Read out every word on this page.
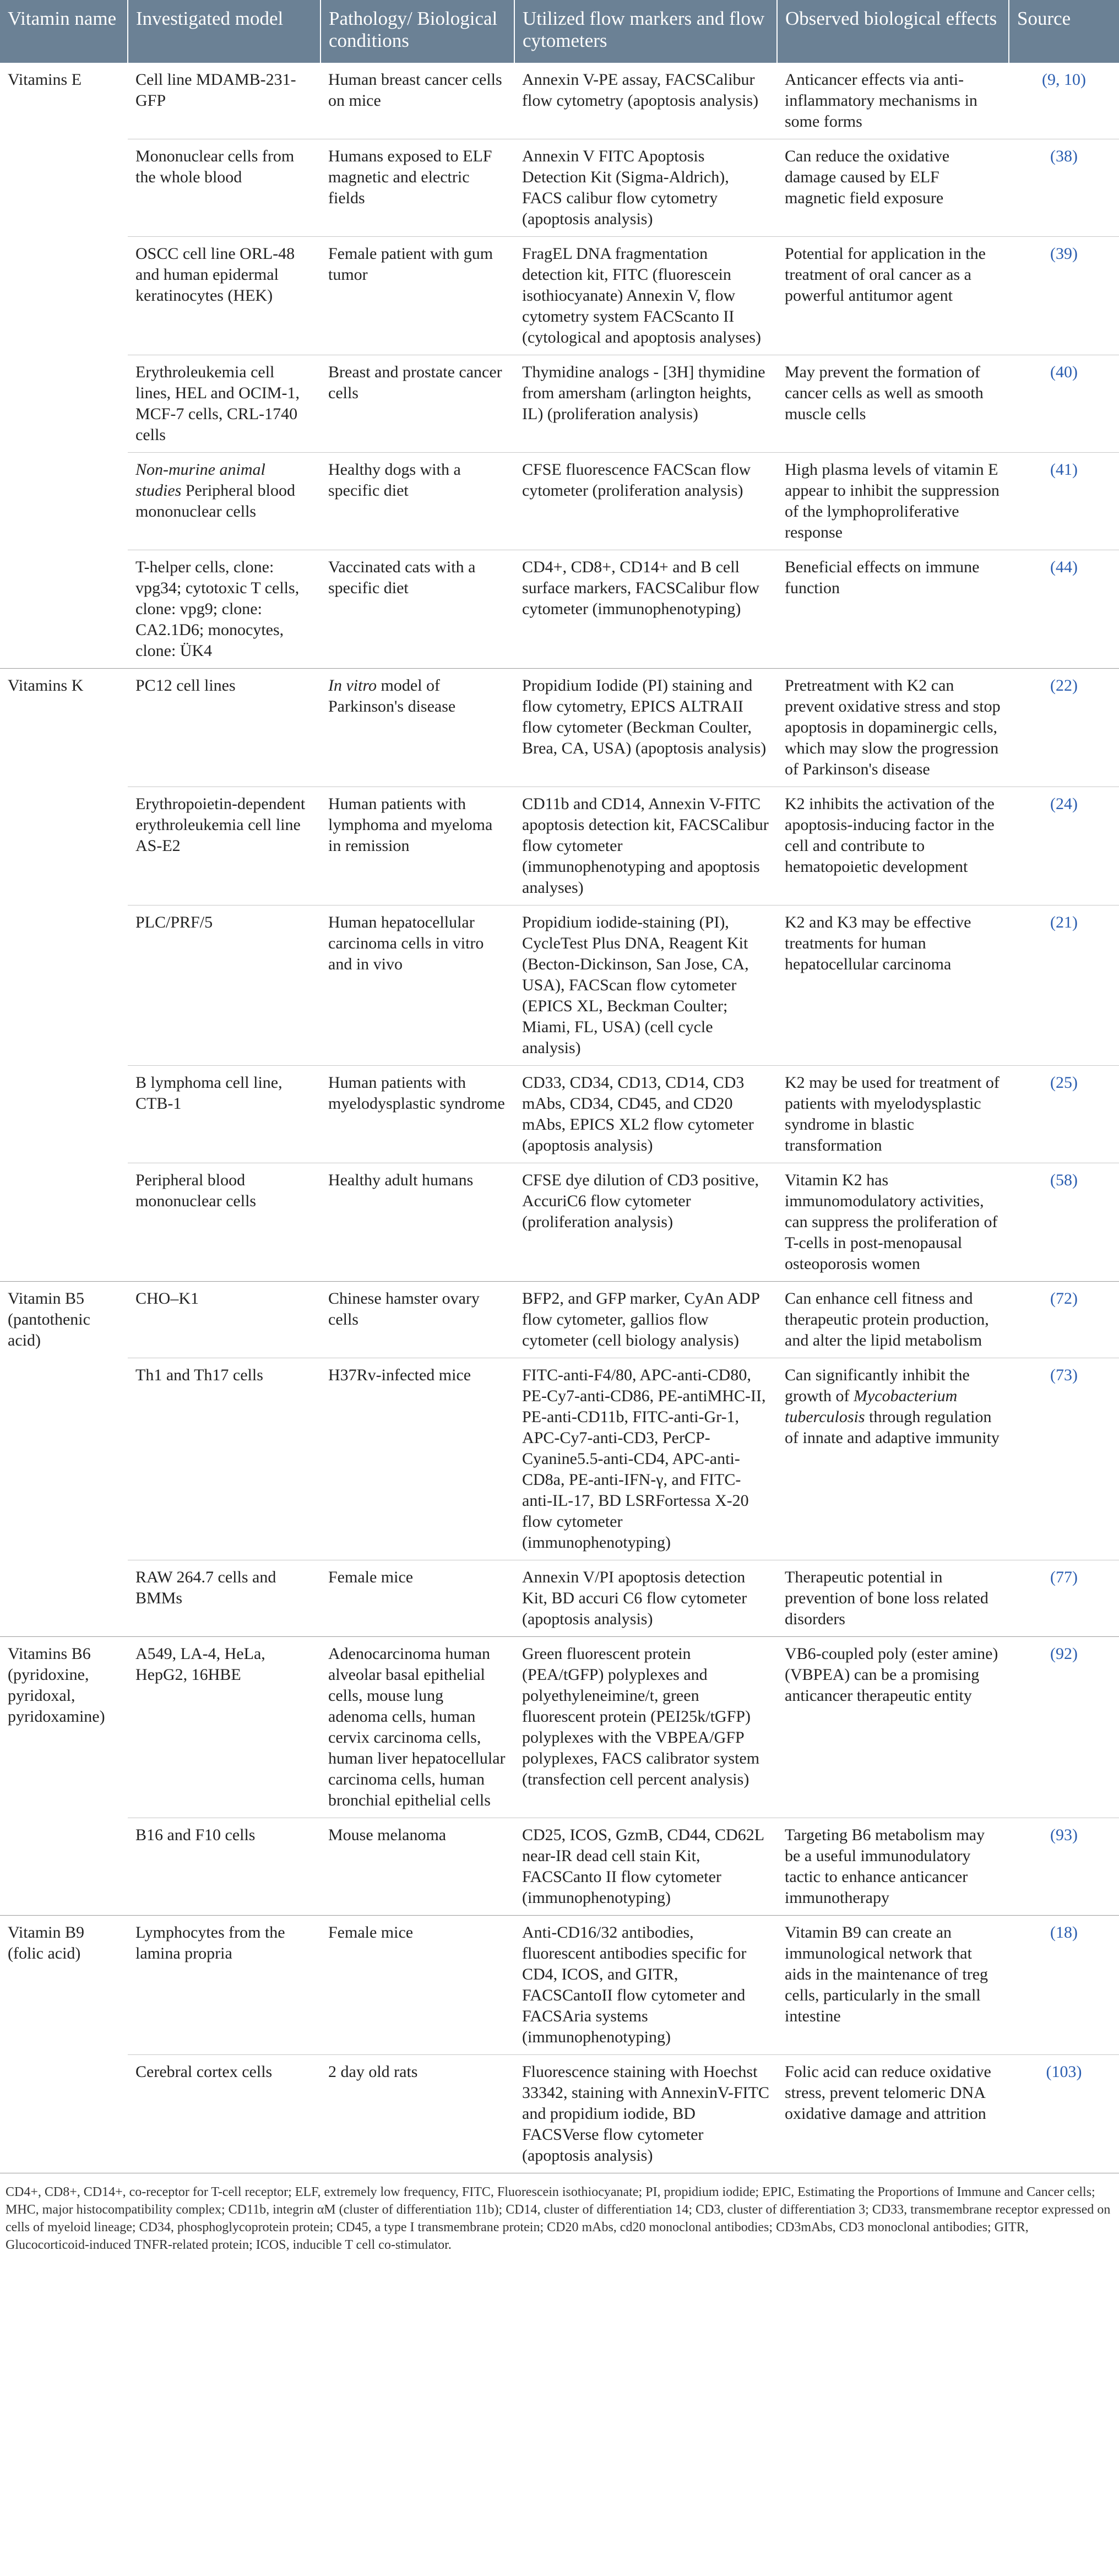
Vitamin name	Investigated model	Pathology/ Biological conditions	Utilized flow markers and flow cytometers	Observed biological effects	Source
Vitamins E	Cell line MDAMB-231-GFP	Human breast cancer cells on mice	Annexin V-PE assay, FACSCalibur flow cytometry (apoptosis analysis)	Anticancer effects via anti-inflammatory mechanisms in some forms	(9, 10)
	Mononuclear cells from the whole blood	Humans exposed to ELF magnetic and electric fields	Annexin V FITC Apoptosis Detection Kit (Sigma-Aldrich), FACS calibur flow cytometry (apoptosis analysis)	Can reduce the oxidative damage caused by ELF magnetic field exposure	(38)
	OSCC cell line ORL-48 and human epidermal keratinocytes (HEK)	Female patient with gum tumor	FragEL DNA fragmentation detection kit, FITC (fluorescein isothiocyanate) Annexin V, flow cytometry system FACScanto II (cytological and apoptosis analyses)	Potential for application in the treatment of oral cancer as a powerful antitumor agent	(39)
	Erythroleukemia cell lines, HEL and OCIM-1, MCF-7 cells, CRL-1740 cells	Breast and prostate cancer cells	Thymidine analogs - [3H] thymidine from amersham (arlington heights, IL) (proliferation analysis)	May prevent the formation of cancer cells as well as smooth muscle cells	(40)
	Non-murine animal studies Peripheral blood mononuclear cells	Healthy dogs with a specific diet	CFSE fluorescence FACScan flow cytometer (proliferation analysis)	High plasma levels of vitamin E appear to inhibit the suppression of the lymphoproliferative response	(41)
	T-helper cells, clone: vpg34; cytotoxic T cells, clone: vpg9; clone: CA2.1D6; monocytes, clone: ÜK4	Vaccinated cats with a specific diet	CD4+, CD8+, CD14+ and B cell surface markers, FACSCalibur flow cytometer (immunophenotyping)	Beneficial effects on immune function	(44)
Vitamins K	PC12 cell lines	In vitro model of Parkinson's disease	Propidium Iodide (PI) staining and flow cytometry, EPICS ALTRAII flow cytometer (Beckman Coulter, Brea, CA, USA) (apoptosis analysis)	Pretreatment with K2 can prevent oxidative stress and stop apoptosis in dopaminergic cells, which may slow the progression of Parkinson's disease	(22)
	Erythropoietin-dependent erythroleukemia cell line AS-E2	Human patients with lymphoma and myeloma in remission	CD11b and CD14, Annexin V-FITC apoptosis detection kit, FACSCalibur flow cytometer (immunophenotyping and apoptosis analyses)	K2 inhibits the activation of the apoptosis-inducing factor in the cell and contribute to hematopoietic development	(24)
	PLC/PRF/5	Human hepatocellular carcinoma cells in vitro and in vivo	Propidium iodide-staining (PI), CycleTest Plus DNA, Reagent Kit (Becton-Dickinson, San Jose, CA, USA), FACScan flow cytometer (EPICS XL, Beckman Coulter; Miami, FL, USA) (cell cycle analysis)	K2 and K3 may be effective treatments for human hepatocellular carcinoma	(21)
	B lymphoma cell line, CTB-1	Human patients with myelodysplastic syndrome	CD33, CD34, CD13, CD14, CD3 mAbs, CD34, CD45, and CD20 mAbs, EPICS XL2 flow cytometer (apoptosis analysis)	K2 may be used for treatment of patients with myelodysplastic syndrome in blastic transformation	(25)
	Peripheral blood mononuclear cells	Healthy adult humans	CFSE dye dilution of CD3 positive, AccuriC6 flow cytometer (proliferation analysis)	Vitamin K2 has immunomodulatory activities, can suppress the proliferation of T-cells in post-menopausal osteoporosis women	(58)
Vitamin B5 (pantothenic acid)	CHO–K1	Chinese hamster ovary cells	BFP2, and GFP marker, CyAn ADP flow cytometer, gallios flow cytometer (cell biology analysis)	Can enhance cell fitness and therapeutic protein production, and alter the lipid metabolism	(72)
	Th1 and Th17 cells	H37Rv-infected mice	FITC-anti-F4/80, APC-anti-CD80, PE-Cy7-anti-CD86, PE-antiMHC-II, PE-anti-CD11b, FITC-anti-Gr-1, APC-Cy7-anti-CD3, PerCP-Cyanine5.5-anti-CD4, APC-anti-CD8a, PE-anti-IFN-γ, and FITC-anti-IL-17, BD LSRFortessa X-20 flow cytometer (immunophenotyping)	Can significantly inhibit the growth of Mycobacterium tuberculosis through regulation of innate and adaptive immunity	(73)
	RAW 264.7 cells and BMMs	Female mice	Annexin V/PI apoptosis detection Kit, BD accuri C6 flow cytometer (apoptosis analysis)	Therapeutic potential in prevention of bone loss related disorders	(77)
Vitamins B6 (pyridoxine, pyridoxal, pyridoxamine)	A549, LA-4, HeLa, HepG2, 16HBE	Adenocarcinoma human alveolar basal epithelial cells, mouse lung adenoma cells, human cervix carcinoma cells, human liver hepatocellular carcinoma cells, human bronchial epithelial cells	Green fluorescent protein (PEA/tGFP) polyplexes and polyethyleneimine/t, green fluorescent protein (PEI25k/tGFP) polyplexes with the VBPEA/GFP polyplexes, FACS calibrator system (transfection cell percent analysis)	VB6-coupled poly (ester amine) (VBPEA) can be a promising anticancer therapeutic entity	(92)
	B16 and F10 cells	Mouse melanoma	CD25, ICOS, GzmB, CD44, CD62L near-IR dead cell stain Kit, FACSCanto II flow cytometer (immunophenotyping)	Targeting B6 metabolism may be a useful immunodulatory tactic to enhance anticancer immunotherapy	(93)
Vitamin B9 (folic acid)	Lymphocytes from the lamina propria	Female mice	Anti-CD16/32 antibodies, fluorescent antibodies specific for CD4, ICOS, and GITR, FACSCantoII flow cytometer and FACSAria systems (immunophenotyping)	Vitamin B9 can create an immunological network that aids in the maintenance of treg cells, particularly in the small intestine	(18)
	Cerebral cortex cells	2 day old rats	Fluorescence staining with Hoechst 33342, staining with AnnexinV-FITC and propidium iodide, BD FACSVerse flow cytometer (apoptosis analysis)	Folic acid can reduce oxidative stress, prevent telomeric DNA oxidative damage and attrition	(103)
CD4+, CD8+, CD14+, co-receptor for T-cell receptor; ELF, extremely low frequency, FITC, Fluorescein isothiocyanate; PI, propidium iodide; EPIC, Estimating the Proportions of Immune and Cancer cells; MHC, major histocompatibility complex; CD11b, integrin αM (cluster of differentiation 11b); CD14, cluster of differentiation 14; CD3, cluster of differentiation 3; CD33, transmembrane receptor expressed on cells of myeloid lineage; CD34, phosphoglycoprotein protein; CD45, a type I transmembrane protein; CD20 mAbs, cd20 monoclonal antibodies; CD3mAbs, CD3 monoclonal antibodies; GITR, Glucocorticoid-induced TNFR-related protein; ICOS, inducible T cell co-stimulator.
